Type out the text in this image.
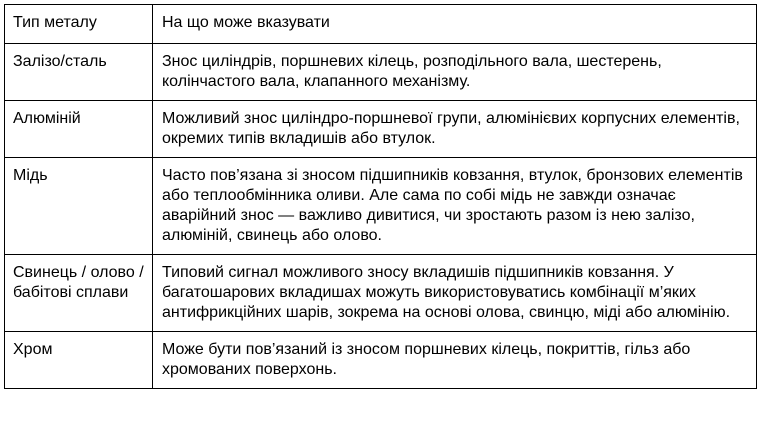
Тип металу	На що може вказувати
Залізо/сталь	Знос циліндрів, поршневих кілець, розподільного вала, шестерень, колінчастого вала, клапанного механізму.
Алюміній	Можливий знос циліндро-поршневої групи, алюмінієвих корпусних елементів, окремих типів вкладишів або втулок.
Мідь	Часто пов’язана зі зносом підшипників ковзання, втулок, бронзових елементів або теплообмінника оливи. Але сама по собі мідь не завжди означає аварійний знос — важливо дивитися, чи зростають разом із нею залізо, алюміній, свинець або олово.
Свинець / олово / бабітові сплави	Типовий сигнал можливого зносу вкладишів підшипників ковзання. У багатошарових вкладишах можуть використовуватись комбінації м’яких антифрикційних шарів, зокрема на основі олова, свинцю, міді або алюмінію.
Хром	Може бути пов’язаний із зносом поршневих кілець, покриттів, гільз або хромованих поверхонь.
